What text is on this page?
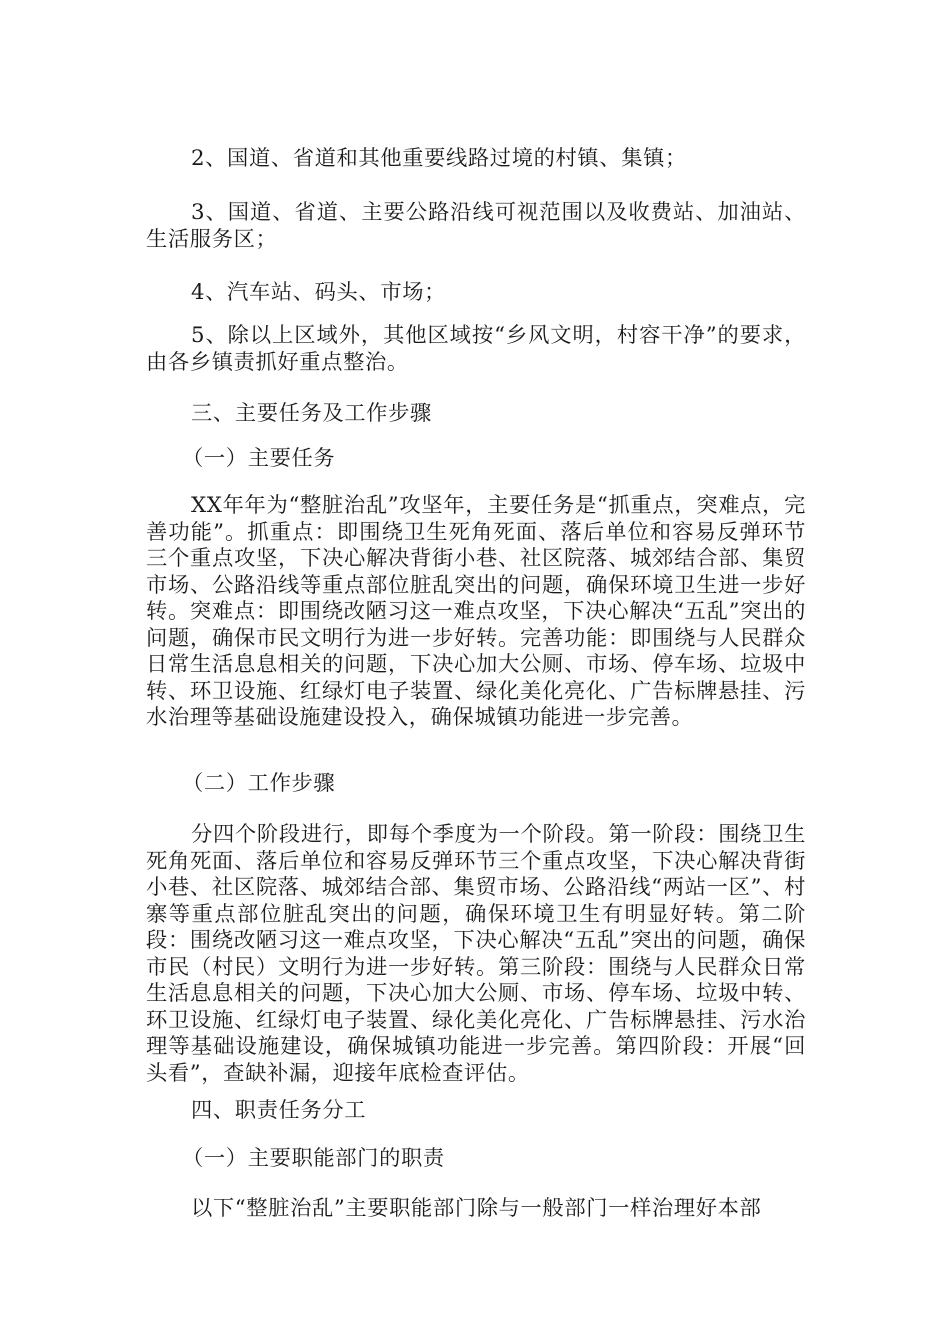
2、国道、省道和其他重要线路过境的村镇、集镇；

3、国道、省道、主要公路沿线可视范围以及收费站、加油站、生活服务区；

4、汽车站、码头、市场；

5、除以上区域外，其他区域按“乡风文明，村容干净”的要求，由各乡镇责抓好重点整治。

三、主要任务及工作步骤

（一）主要任务

XX年年为“整脏治乱”攻坚年，主要任务是“抓重点，突难点，完善功能”。抓重点：即围绕卫生死角死面、落后单位和容易反弹环节三个重点攻坚，下决心解决背街小巷、社区院落、城郊结合部、集贸市场、公路沿线等重点部位脏乱突出的问题，确保环境卫生进一步好转。突难点：即围绕改陋习这一难点攻坚，下决心解决“五乱”突出的问题，确保市民文明行为进一步好转。完善功能：即围绕与人民群众日常生活息息相关的问题，下决心加大公厕、市场、停车场、垃圾中转、环卫设施、红绿灯电子装置、绿化美化亮化、广告标牌悬挂、污水治理等基础设施建设投入，确保城镇功能进一步完善。

（二）工作步骤

分四个阶段进行，即每个季度为一个阶段。第一阶段：围绕卫生死角死面、落后单位和容易反弹环节三个重点攻坚，下决心解决背街小巷、社区院落、城郊结合部、集贸市场、公路沿线“两站一区”、村寨等重点部位脏乱突出的问题，确保环境卫生有明显好转。第二阶段：围绕改陋习这一难点攻坚，下决心解决“五乱”突出的问题，确保市民（村民）文明行为进一步好转。第三阶段：围绕与人民群众日常生活息息相关的问题，下决心加大公厕、市场、停车场、垃圾中转、环卫设施、红绿灯电子装置、绿化美化亮化、广告标牌悬挂、污水治理等基础设施建设，确保城镇功能进一步完善。第四阶段：开展“回头看”，查缺补漏，迎接年底检查评估。

四、职责任务分工

（一）主要职能部门的职责

以下“整脏治乱”主要职能部门除与一般部门一样治理好本部
